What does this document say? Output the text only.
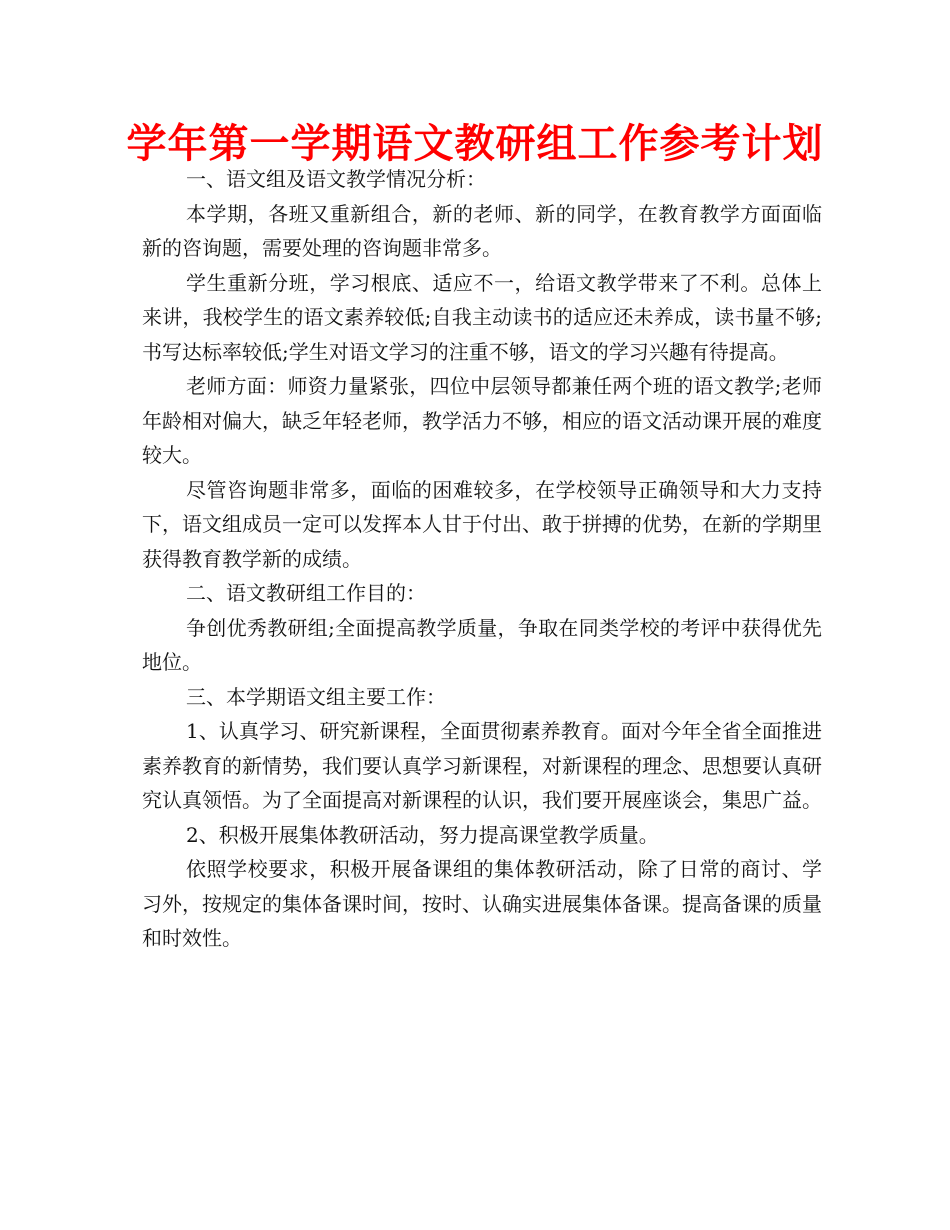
学年第一学期语文教研组工作参考计划

一、语文组及语文教学情况分析：

本学期，各班又重新组合，新的老师、新的同学，在教育教学方面面临新的咨询题，需要处理的咨询题非常多。

学生重新分班，学习根底、适应不一，给语文教学带来了不利。总体上来讲，我校学生的语文素养较低;自我主动读书的适应还未养成，读书量不够;书写达标率较低;学生对语文学习的注重不够，语文的学习兴趣有待提高。

老师方面：师资力量紧张，四位中层领导都兼任两个班的语文教学;老师年龄相对偏大，缺乏年轻老师，教学活力不够，相应的语文活动课开展的难度较大。

尽管咨询题非常多，面临的困难较多，在学校领导正确领导和大力支持下，语文组成员一定可以发挥本人甘于付出、敢于拼搏的优势，在新的学期里获得教育教学新的成绩。

二、语文教研组工作目的：

争创优秀教研组;全面提高教学质量，争取在同类学校的考评中获得优先地位。

三、本学期语文组主要工作：

1、认真学习、研究新课程，全面贯彻素养教育。面对今年全省全面推进素养教育的新情势，我们要认真学习新课程，对新课程的理念、思想要认真研究认真领悟。为了全面提高对新课程的认识，我们要开展座谈会，集思广益。

2、积极开展集体教研活动，努力提高课堂教学质量。

依照学校要求，积极开展备课组的集体教研活动，除了日常的商讨、学习外，按规定的集体备课时间，按时、认确实进展集体备课。提高备课的质量和时效性。
